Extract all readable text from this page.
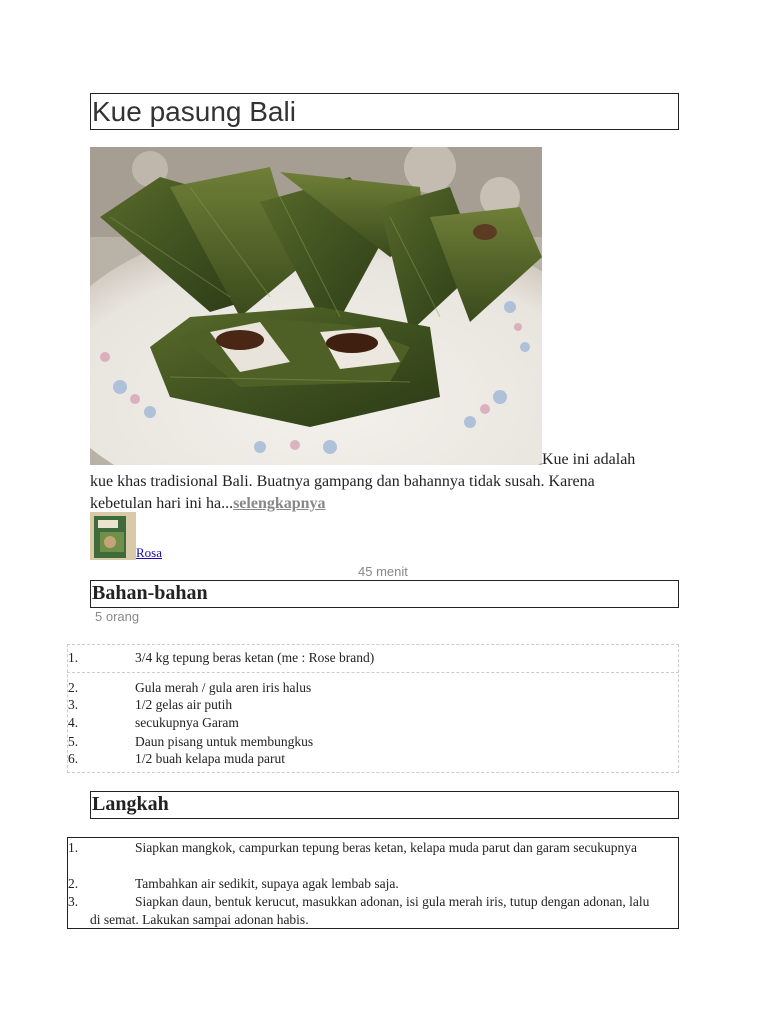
Kue pasung Bali
Kue ini adalah
kue khas tradisional Bali. Buatnya gampang dan bahannya tidak susah. Karena
kebetulan hari ini ha...selengkapnya
Rosa
45 menit
Bahan-bahan
5 orang
1.	3/4 kg tepung beras ketan (me : Rose brand)
2.	Gula merah / gula aren iris halus
3.	1/2 gelas air putih
4.	secukupnya Garam
5.	Daun pisang untuk membungkus
6.	1/2 buah kelapa muda parut
Langkah
1.	Siapkan mangkok, campurkan tepung beras ketan, kelapa muda parut dan garam secukupnya
2.	Tambahkan air sedikit, supaya agak lembab saja.
3.	Siapkan daun, bentuk kerucut, masukkan adonan, isi gula merah iris, tutup dengan adonan, lalu di semat. Lakukan sampai adonan habis.
